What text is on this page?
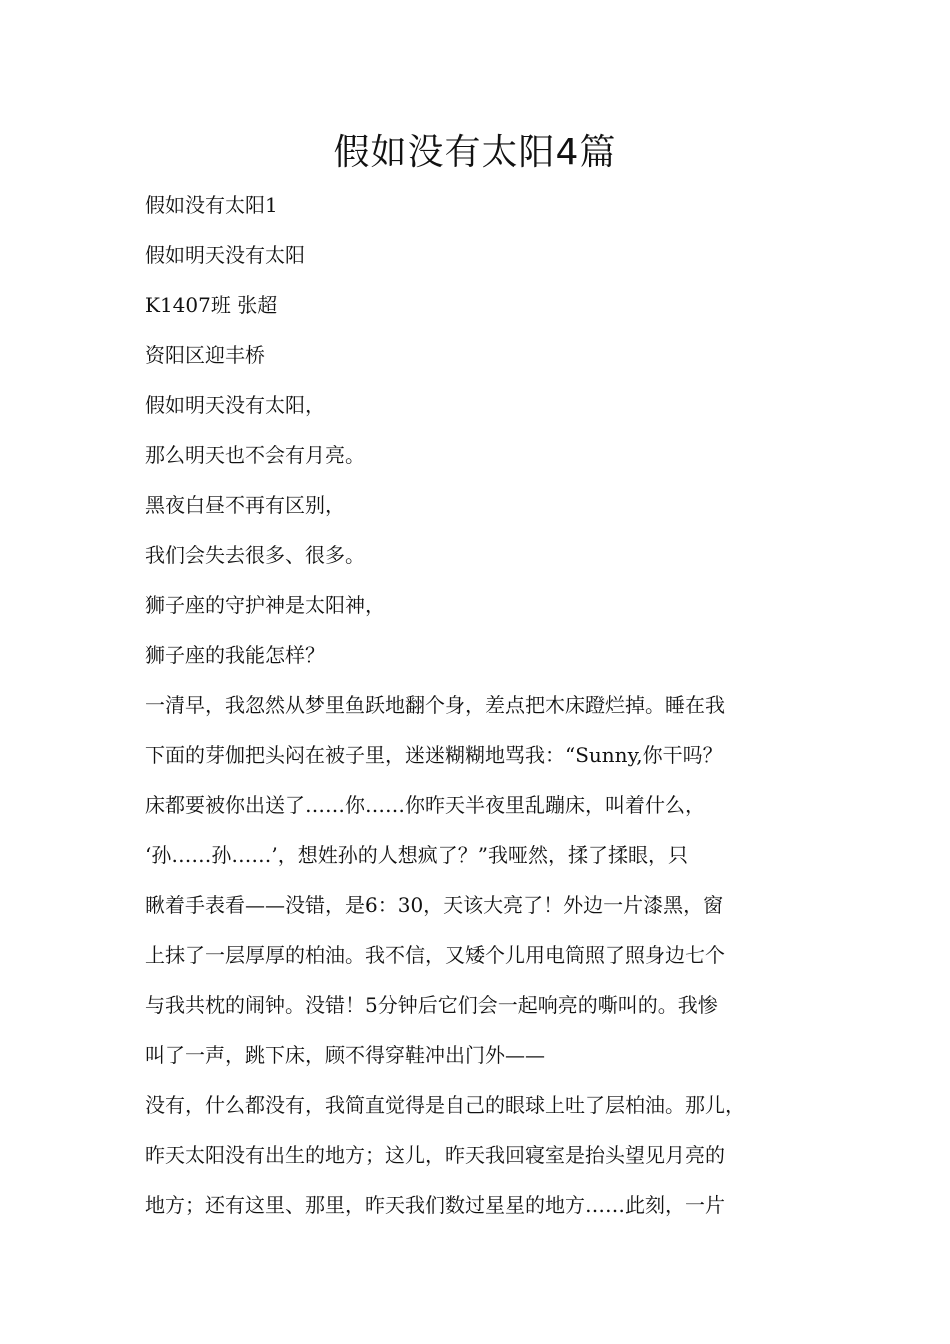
假如没有太阳4篇
假如没有太阳1
假如明天没有太阳
K1407班 张超
资阳区迎丰桥
假如明天没有太阳，
那么明天也不会有月亮。
黑夜白昼不再有区别，
我们会失去很多、很多。
狮子座的守护神是太阳神，
狮子座的我能怎样？
一清早，我忽然从梦里鱼跃地翻个身，差点把木床蹬烂掉。睡在我
下面的芽伽把头闷在被子里，迷迷糊糊地骂我：“Sunny,你干吗？
床都要被你出送了……你……你昨天半夜里乱蹦床，叫着什么，
‘孙……孙……’，想姓孙的人想疯了？”我哑然，揉了揉眼，只
瞅着手表看——没错，是6：30，天该大亮了！外边一片漆黑，窗
上抹了一层厚厚的柏油。我不信，又矮个儿用电筒照了照身边七个
与我共枕的闹钟。没错！5分钟后它们会一起响亮的嘶叫的。我惨
叫了一声，跳下床，顾不得穿鞋冲出门外——
没有，什么都没有，我简直觉得是自己的眼球上吐了层柏油。那儿，
昨天太阳没有出生的地方；这儿，昨天我回寝室是抬头望见月亮的
地方；还有这里、那里，昨天我们数过星星的地方……此刻，一片
